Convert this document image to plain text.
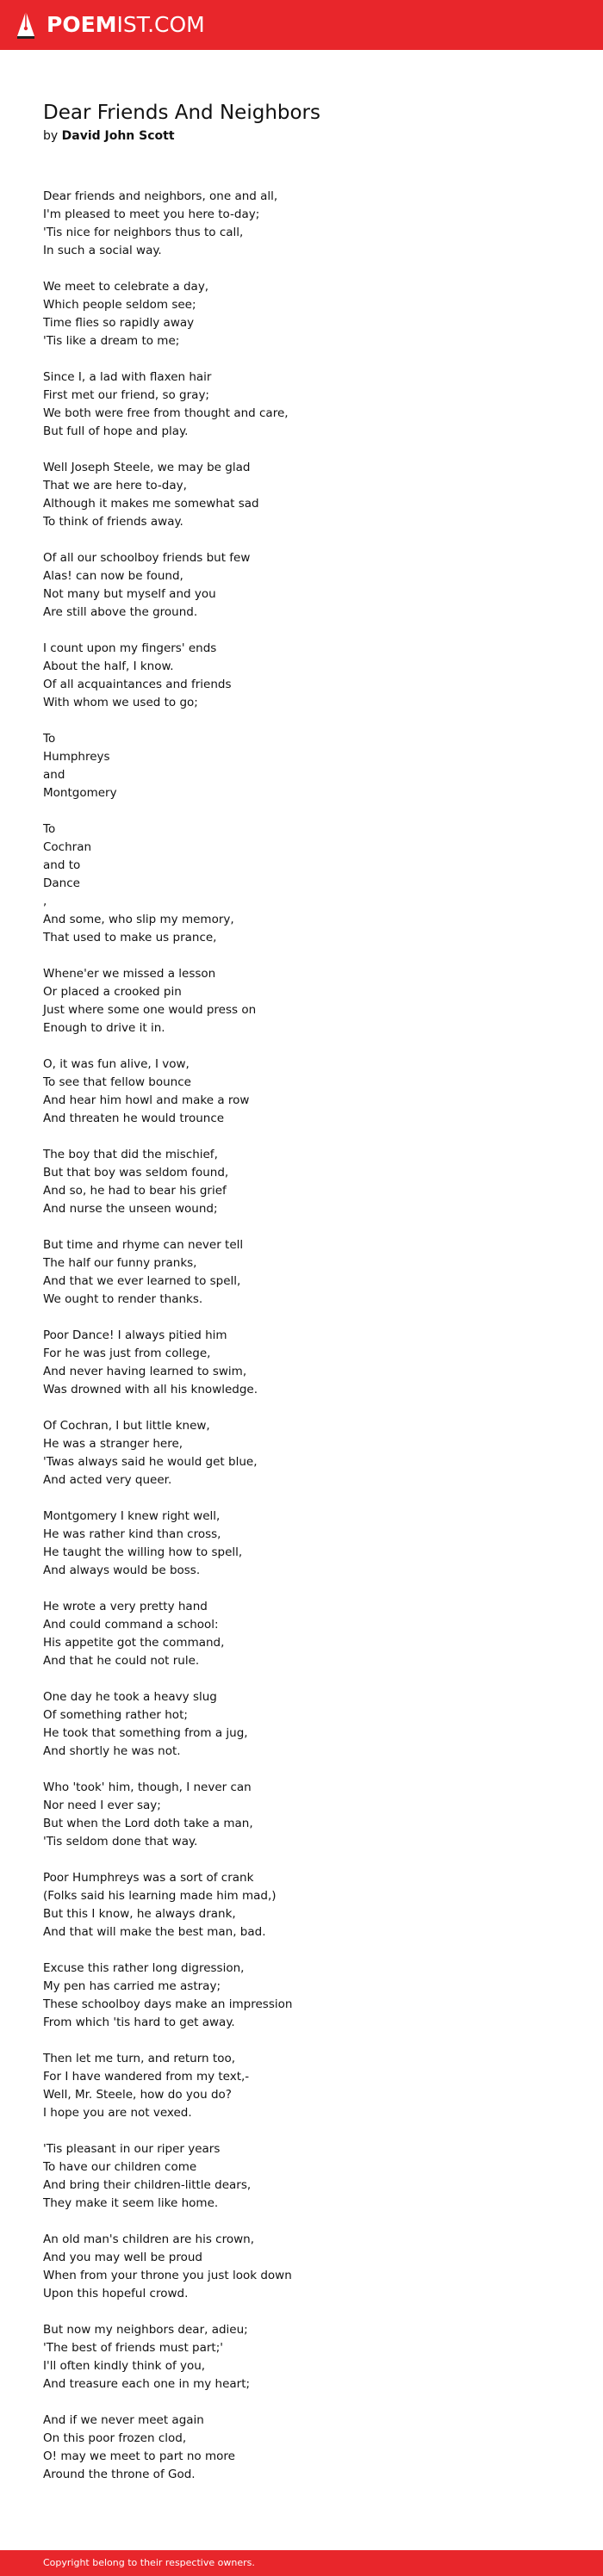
POEMIST.COM
Dear Friends And Neighbors
by David John Scott
Dear friends and neighbors, one and all,
I'm pleased to meet you here to-day;
'Tis nice for neighbors thus to call,
In such a social way.
We meet to celebrate a day,
Which people seldom see;
Time flies so rapidly away
'Tis like a dream to me;
Since I, a lad with flaxen hair
First met our friend, so gray;
We both were free from thought and care,
But full of hope and play.
Well Joseph Steele, we may be glad
That we are here to-day,
Although it makes me somewhat sad
To think of friends away.
Of all our schoolboy friends but few
Alas! can now be found,
Not many but myself and you
Are still above the ground.
I count upon my fingers' ends
About the half, I know.
Of all acquaintances and friends
With whom we used to go;
To
Humphreys
and
Montgomery
To
Cochran
and to
Dance
,
And some, who slip my memory,
That used to make us prance,
Whene'er we missed a lesson
Or placed a crooked pin
Just where some one would press on
Enough to drive it in.
O, it was fun alive, I vow,
To see that fellow bounce
And hear him howl and make a row
And threaten he would trounce
The boy that did the mischief,
But that boy was seldom found,
And so, he had to bear his grief
And nurse the unseen wound;
But time and rhyme can never tell
The half our funny pranks,
And that we ever learned to spell,
We ought to render thanks.
Poor Dance! I always pitied him
For he was just from college,
And never having learned to swim,
Was drowned with all his knowledge.
Of Cochran, I but little knew,
He was a stranger here,
'Twas always said he would get blue,
And acted very queer.
Montgomery I knew right well,
He was rather kind than cross,
He taught the willing how to spell,
And always would be boss.
He wrote a very pretty hand
And could command a school:
His appetite got the command,
And that he could not rule.
One day he took a heavy slug
Of something rather hot;
He took that something from a jug,
And shortly he was not.
Who 'took' him, though, I never can
Nor need I ever say;
But when the Lord doth take a man,
'Tis seldom done that way.
Poor Humphreys was a sort of crank
(Folks said his learning made him mad,)
But this I know, he always drank,
And that will make the best man, bad.
Excuse this rather long digression,
My pen has carried me astray;
These schoolboy days make an impression
From which 'tis hard to get away.
Then let me turn, and return too,
For I have wandered from my text,-
Well, Mr. Steele, how do you do?
I hope you are not vexed.
'Tis pleasant in our riper years
To have our children come
And bring their children-little dears,
They make it seem like home.
An old man's children are his crown,
And you may well be proud
When from your throne you just look down
Upon this hopeful crowd.
But now my neighbors dear, adieu;
'The best of friends must part;'
I'll often kindly think of you,
And treasure each one in my heart;
And if we never meet again
On this poor frozen clod,
O! may we meet to part no more
Around the throne of God.
Copyright belong to their respective owners.
